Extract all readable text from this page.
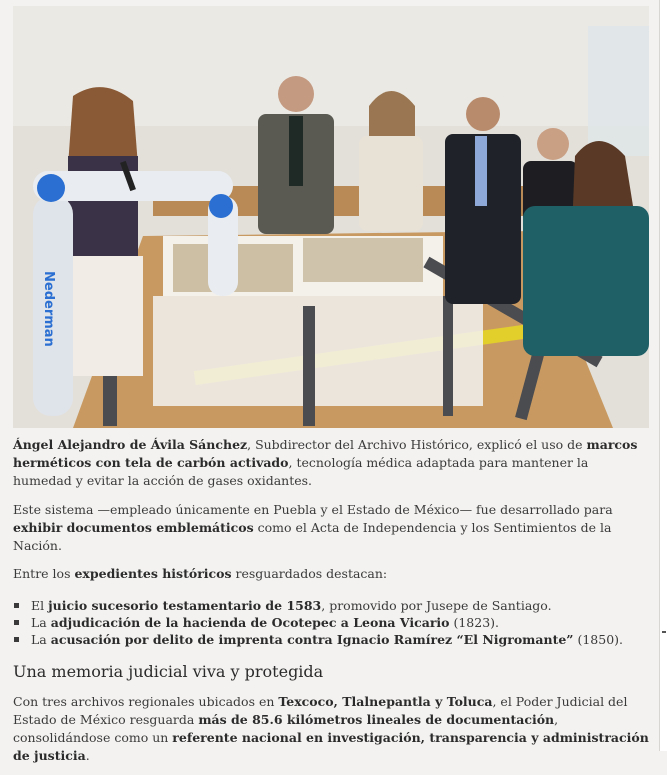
Nederman
Ángel Alejandro de Ávila Sánchez, Subdirector del Archivo Histórico, explicó el uso de marcos herméticos con tela de carbón activado, tecnología médica adaptada para mantener la humedad y evitar la acción de gases oxidantes.

Este sistema —empleado únicamente en Puebla y el Estado de México— fue desarrollado para exhibir documentos emblemáticos como el Acta de Independencia y los Sentimientos de la Nación.

Entre los expedientes históricos resguardados destacan:

El juicio sucesorio testamentario de 1583, promovido por Jusepe de Santiago.
La adjudicación de la hacienda de Ocotepec a Leona Vicario (1823).
La acusación por delito de imprenta contra Ignacio Ramírez “El Nigromante” (1850).
Una memoria judicial viva y protegida

Con tres archivos regionales ubicados en Texcoco, Tlalnepantla y Toluca, el Poder Judicial del Estado de México resguarda más de 85.6 kilómetros lineales de documentación, consolidándose como un referente nacional en investigación, transparencia y administración de justicia.
